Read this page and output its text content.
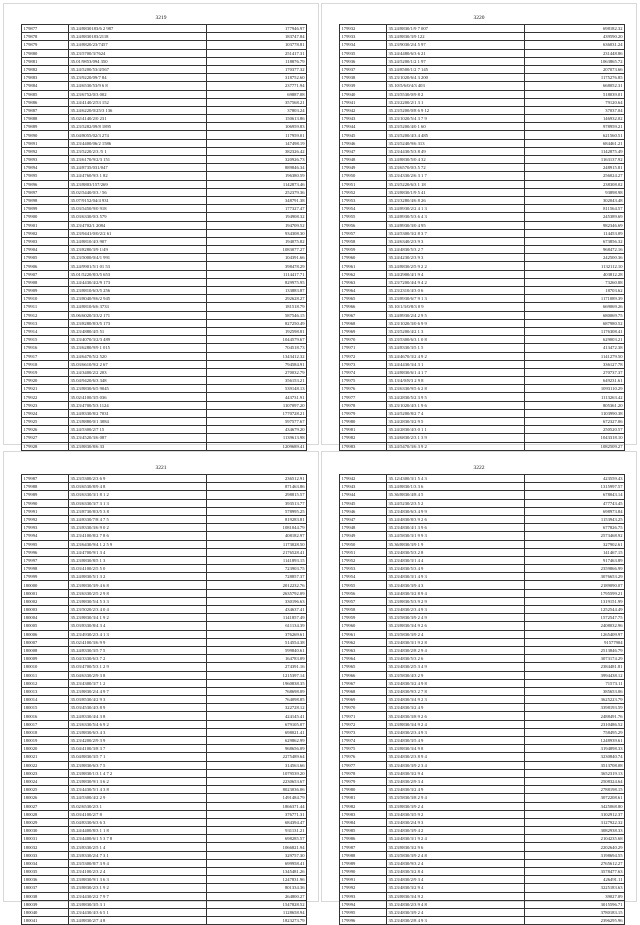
3219
179877	35.24/8830183/6 2 987	177946.97
179878	35.24/8830183/2118	183747.84
179879	35.24/8820/23/7457	103778.81
179880	35.23/5700/3/7624	251417.31
179881	35.01/9853/094 350	118876.79
179882	35.24/5200/53/4/567	170377.32
179883	35.23/9220/09/7 84	318752.60
179884	35.24/6530/53/9 6 8	237771.94
179885	35.23/6752/0/3 002	69887.08
179886	35.24/4140/2/53 152	357568.21
179887	35.24/6220/0/25/3 136	37803.24
179888	35.02/4140/2/0 231	150613.86
179889	35.23/5282/09/8 1895	106959.83
179890	35.04/8055/02/3 274	117959.01
179891	35.23/4400/06/2 1586	147498.19
179892	35.23/5220/2/3 /5 1	382326.42
179893	35.23/6170/9/2/3 151	320926.73
179894	35.24/8735/031/047	889846.34
179895	35.24/4760/9/3 1 82	196380.59
179896	35.23/8803/157/269	1142873.46
179897	35.02/5440/0/3 / 56	252379.36
179898	35.07/9152/04/4 931	348791.38
179899	35.03/5450/9/0 918	177327.47
179900	35.03/6330/0/3 579	194908.32
179901	35.23/4702/1 2084	194709.52
179902	35.23/9441/0/0/2/2 61	934308.30
179903	35.24/8810/4/3 907	194075.82
179904	35.23/8280/3/9 1/49	1083077.27
179905	35.23/5000/0/4/1 991	104391.66
179906	35.24/9901/5/1 01 53	398478.29
179907	35.01/5220/8/3/5 653	1114417.71
179908	35.24/4430/4/2/9 173	829975.95
179909	35.23/8810/6/3/5 256	133883.87
179910	35.23/8040/9/6/2 945	292628.27
179911	35.24/8810/6/6 3733	181518.79
179912	35.06/6020/3/3/2 171	587546.15
179913	35.23/8280/8/3/5 173	827250.49
179914	35.23/4880/4/5 51	192598.81
179915	35.23/4070/3/2/3 489	1044579.67
179916	35.23/6280/9/9 1 015	704518.73
179917	35.24/6470/5/2 520	1343412.32
179918	35.03/6610/9/2 2 67	794584.91
179919	35.24/3400/2/2 203	270032.79
179920	35.04/9420/6/3 348	356153.21
179921	35.23/8830/6/5 9045	539148.13
179922	35.02/4100/3/5 036	443731.91
179923	35.23/4700/5/3 1124	1107097.20
179924	35.24/8330/8/2 7031	1770728.21
179925	35.23/8880/0/1 3084	597577.67
179926	35.24/5300/2/7 15	434679.20
179927	35.23/4520/3/6 087	1139613.98
179928	35.23/8830/8/6 33	1209689.41

3220
179932	35.24/8830/1/9 7 007	698182.32
179933	35.24/8830/3/9 122	439590.20
179934	35.23/9030/2/4 5 97	636031.24
179935	35.24/4480/6/3 6 21	231448.86
179936	35.24/5200/1/2 1 97	1063865.72
179937	35.24/8500/1/2 7 145	207073.66
179938	35.23/1020/6/4 3 200	1175276.85
179939	35.10/5/6/0/4/3 403	668052.31
179940	35.23/5530/0/9 8 2	518039.01
179941	35.23/2200/2/1 3 1	79120.64
179942	35.23/5200/0/8 6 9 12	37037.04
179943	35.23/1020/5/4 3 7 9	146932.02
179944	35.23/5200/4/0 1 60	978959.21
179945	35.23/5200/4/3 4 485	621560.51
179946	35.23/5240/9/6 313	684461.21
179947	35.23/4430/5/3 8 49	1142875.49
179948	35.24/8830/5/0 4 32	1163137.92
179949	35.23/6570/0/3 5 72	248915.81
179950	35.23/4330/2/6 3 1 7	256024.27
179951	35.23/5220/6/3 1 18	238308.02
179952	35.23/8830/1/9 5 41	93898.98
179953	35.23/3280/4/6 8 26	302043.48
179954	35.24/8930/2/2 4 1 3	811564.57
179955	35.24/8930/5/3 6 4 3	245389.69
179956	35.24/8930/3/0 4 95	982346.69
179957	35.24/5300/3/2 8 3 7	114453.09
179958	35.24/6340/2/3 9 3	673856.32
179959	35.24/4830/5/3 2 7	968472.16
179960	35.24/4230/2/3 9 3	242500.36
179961	35.24/8830/2/5 9 2 2	1132112.10
179962	35.24/2900/4/1 9 4	403812.28
179963	35.23/7200/4/4 9 4 2	73260.88
179964	35.23/2310/4/3 0 6	18703.62
179965	35.23/8930/6/7 9 1 3	1171089.39
179966	35.10/1/3/0/8/3 0 9	669069.26
179967	35.24/8930/2/4 2 9 5	680069.75
179968	35.23/1020/3/0 6 9 9	687980.52
179969	35.23/5200/4/2 1 3	1176308.41
179970	35.23/5300/6/3 1 0 8	629003.21
179971	35.24/8330/3/5 1 5	413472.38
179972	35.24/4670/3/2 4 9 2	1141279.50
179973	35.24/4430/3/4 3 1	336127.78
179974	35.24/8830/6/1 4 1 7	270737.37
179975	35.13/4/0/8/3 2 9 8	649231.61
179976	35.23/6330/9/5 6 2 8	1093110.29
179977	35.24/2830/5/2 3 9 5	1113263.42
179978	35.23/1020/4/3 1 9 6	805361.20
179979	35.24/5200/8/2 7 4	1103990.38
179980	35.24/2830/3/2 9 5	672327.06
179981	35.24/2830/4/3 0 1 1	250520.57
179982	35.24/6830/2/3 1 3 9	1043318.10
179983	35.24/5470/3/6 3 9 2	1082509.27

3221
179987	35.23/5300/2/3 6 9	236512.91
179988	35.03/6530/8/9 4 8	871463.86
179989	35.03/6330/3/1 8 1 2	298815.57
179990	35.03/6330/3/7 3 1 3	393513.77
179991	35.23/8730/8/3/5 3 8	578995.25
179992	35.24/8330/7/8 4 7 5	819283.81
179993	35.23/8330/3/6 9 0 2	1081044.79
179994	35.23/4100/8/2 7 8 6	408182.97
179995	35.23/6430/9/4 1 2 5 9	1173028.50
179996	35.24/4700/9/1 3 4	2176528.41
179997	35.23/8830/8/5 1 3	1141893.15
179998	35.03/4100/2/5 5 0	723903.75
179999	35.24/8830/5/1 3 2	728857.37
180000	35.23/8830/3/9 4 6 8	2012232.76
180001	35.23/6330/2/5 2 9 8	2635792.09
180002	35.23/8830/5/4 5 3 3	330196.63
180003	35.23/5020/2/3 4 0 4	434637.41
180004	35.23/8830/3/4 1 9 2	1141857.49
180005	35.03/8330/8/4 3 4	611134.39
180006	35.23/4930/2/3 4 1 3	376269.61
180007	35.02/4100/3/6 9 9	514554.38
180008	35.24/8330/3/5 7 5	599840.61
180009	35.04/3330/6/3 7 2	164783.09
180010	35.03/4700/5/3 1 2 9	274391.16
180011	35.04/6330/2/9 3 8	1215397.14
180012	35.23/4300/3/7 1 2	1960838.35
180013	35.23/8830/2/4 4 9 7	768698.09
180014	35.03/8530/4/2 9 3	764098.85
180015	35.03/4530/4/3 8 9	322728.12
180016	35.24/8330/4/4 3 8	424145.41
180017	35.23/6330/5/4 6 9 2	679105.07
180018	35.23/8830/6/3 4 3	698021.41
180019	35.23/4200/2/9 3 9	629862.99
180020	35.04/4100/3/8 3 7	968656.09
180021	35.04/8830/3/5 7 1	2275489.64
180022	35.23/8830/6/3 7 5	314563.66
180023	35.23/8830/1/3 1 4 7 2	1079539.20
180024	35.23/8830/9/1 3 6 2	2230653.67
180025	35.23/4430/5/1 4 3 8	8023036.06
180026	35.24/5300/4/2 2 9	1491484.79
180027	35.02/6530/2/3 1	1866371.44
180028	35.03/4100/2/7 8	376771.31
180029	35.04/8330/6/3 6 3	684394.47
180030	35.24/4400/8/3 1 1 8	931131.21
180031	35.23/4400/6/1 5 3 7 8	698285.57
180032	35.23/8330/2/5 1 4	1066821.94
180033	35.23/8330/2/4 7 3 1	329757.30
180034	35.23/5300/8/7 3 9 4	699958.41
180035	35.23/4100/2/3 2 4	1345481.26
180036	35.23/8830/9/1 3 6 3	1247831.96
180037	35.23/8830/2/3 1 9 2	801334.36
180038	35.23/4430/2/2 7 9 7	264800.27
180039	35.23/8830/3/5 3 1	1547828.52
180040	35.23/4430/4/3 6 5 1	1128658.94
180041	35.24/8830/2/7 4 8	1823273.79
3222
179942	35.12/4300/3/1 5 4 3	423559.43
179943	35.24/8830/1/3 3 6	1315997.57
179944	35.36/8830/4/8 4 5	678043.14
179945	35.24/5230/2/3 5 2	477743.45
179946	35.23/4830/6/3 4 9 9	698973.84
179947	35.24/4830/8/3 9 2 6	1153943.25
179948	35.23/4830/4/1 3 9 6	677826.75
179949	35.24/5830/3/1 9 9 3	2573468.92
179950	35.36/8830/3/9 1 9	327902.61
179951	35.23/4830/5/3 2 8	141467.15
179952	35.23/4830/3/1 4 4	917463.89
179953	35.23/4830/5/3 4 9	2359866.99
179954	35.23/4830/3/1 4 9 3	3076653.29
179955	35.23/4830/3/9 4 3	2189090.07
179956	35.24/4830/3/2 8 9 4	1795599.21
179957	35.23/8830/5/3 9 2 9	1319151.99
179958	35.23/4830/2/3 4 9 3	1252544.49
179959	35.23/5830/3/9 2 4 9	1572547.75
179960	35.23/8830/3/4 9 2 6	2408032.96
179961	35.23/5830/3/9 2 4	1265409.97
179962	35.23/4830/3/1 9 2 8	91577904
179963	35.23/4830/2/8 2 9 4	2513846.79
179964	35.23/4830/5/3 2 6	3073174.29
179965	35.23/4830/2/5 3 4 9	2384481.81
179966	35.23/5830/4/3 2 9	3994438.12
179967	35.23/4830/3/2 4 9 8	71573.11
179968	35.23/4830/9/3 2 7 8	385653.06
179969	35.23/4830/3/4 9 2 3	3625223.79
179970	35.23/4830/3/2 4 9	3398193.59
179971	35.23/4830/3/8 9 2 6	2488491.76
179972	35.23/8830/3/4 9 2 4	2310486.52
179973	35.23/4830/2/3 4 9 3	758495.29
179974	35.23/4830/3/5 4 9	1248939.61
179975	35.23/8830/3/4 9 8	3194898.33
179976	35.23/4830/2/3 8 9 4	3230840.74
179977	35.23/4830/3/9 2 3 4	3513708.08
179978	35.23/4830/3/2 9 4	3652319.13
179979	35.23/4830/2/9 3 4	2508324.64
179980	35.23/4830/3/2 4 9	2788198.15
179981	35.23/5830/3/8 2 9 4	3072208.61
179982	35.23/8830/3/9 2 4	3425068.80
179983	35.23/4830/3/5 9 2	3102912.37
179984	35.23/4830/2/4 9 3	3127922.32
179985	35.23/4830/3/9 4 2	3082938.33
179986	35.24/4830/3/1 9 2 4	2104235.68
179987	35.23/8830/3/2 9 6	2202640.29
179988	35.23/5830/3/9 2 4 8	3198694.55
179989	35.23/4830/9/3 2 4	2765612.27
179990	35.23/4830/3/2 8 4	3578477.63
179991	35.23/4830/2/9 3 4	426491.11
179992	35.23/4830/3/2 9 4	3225183.63
179993	35.23/8830/3/4 9 2	39027.09
179994	35.23/4830/2/3 9 4 8	3015596.71
179995	35.23/4830/3/9 2 4	3780183.15
179996	35.23/4830/2/8 4 9 3	2396295.96
